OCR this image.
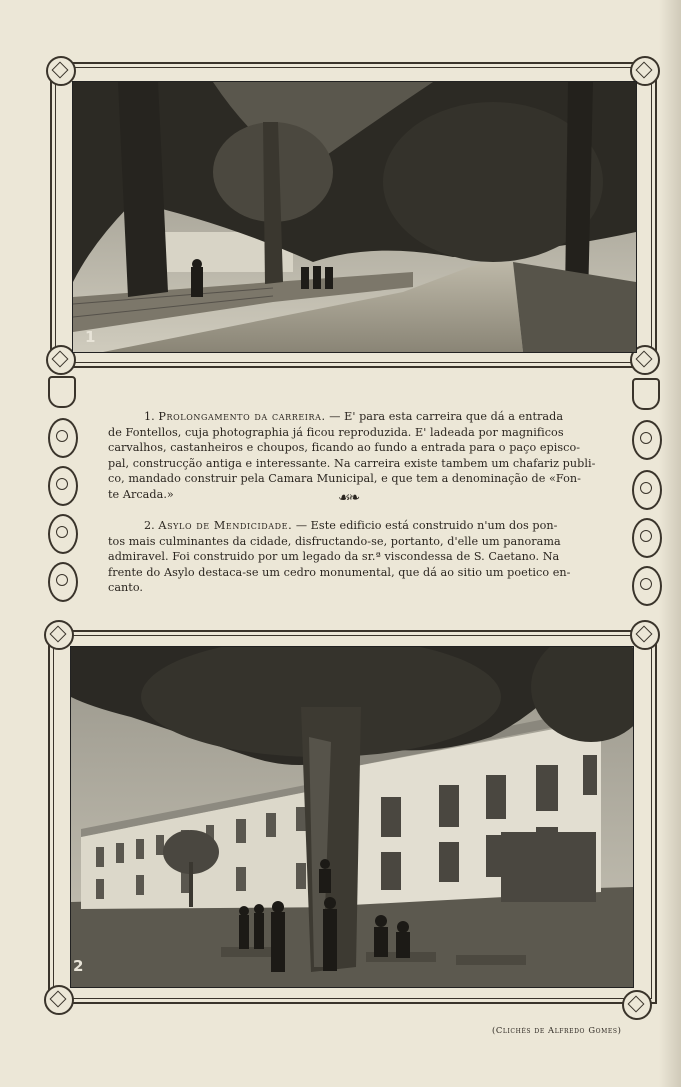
1
1. Prolongamento da carreira. — E' para esta carreira que dá a entrada
de Fontellos, cuja photographia já ficou reproduzida. E' ladeada por magnificos
carvalhos, castanheiros e choupos, ficando ao fundo a entrada para o paço episco-
pal, construcção antiga e interessante. Na carreira existe tambem um chafariz publi-
co, mandado construir pela Camara Municipal, e que tem a denominação de «Fon-
te Arcada.»	☙❧
2. Asylo de Mendicidade. — Este edificio está construido n'um dos pon-
tos mais culminantes da cidade, disfructando-se, portanto, d'elle um panorama
admiravel. Foi construido por um legado da sr.ª viscondessa de S. Caetano. Na
frente do Asylo destaca-se um cedro monumental, que dá ao sitio um poetico en-
canto.
2
(Clichés de Alfredo Gomes)
